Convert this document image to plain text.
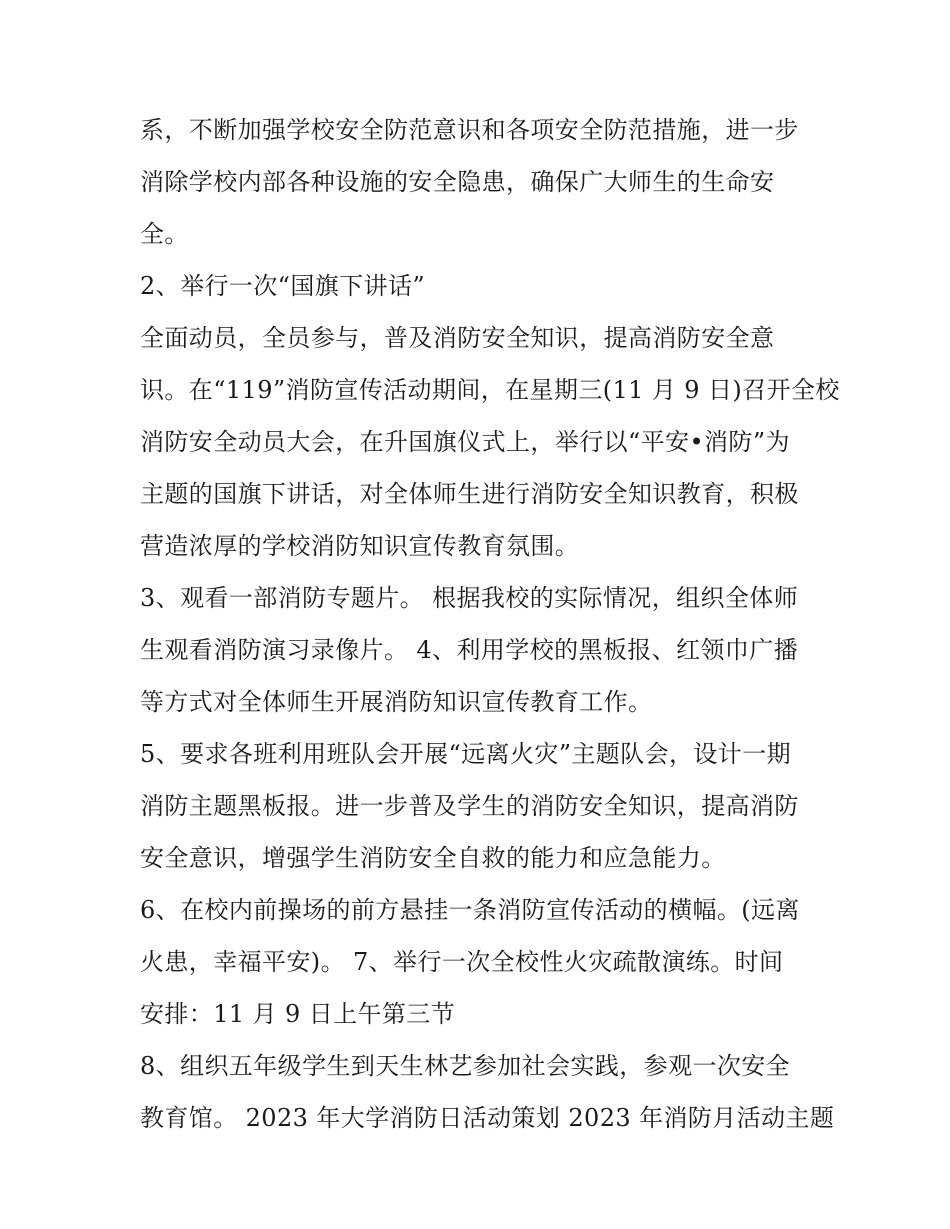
系，不断加强学校安全防范意识和各项安全防范措施，进一步
消除学校内部各种设施的安全隐患，确保广大师生的生命安
全。
2、举行一次“国旗下讲话”
全面动员，全员参与，普及消防安全知识，提高消防安全意
识。在“119”消防宣传活动期间，在星期三(11 月 9 日)召开全校
消防安全动员大会，在升国旗仪式上，举行以“平安•消防”为
主题的国旗下讲话，对全体师生进行消防安全知识教育，积极
营造浓厚的学校消防知识宣传教育氛围。
3、观看一部消防专题片。 根据我校的实际情况，组织全体师
生观看消防演习录像片。 4、利用学校的黑板报、红领巾广播
等方式对全体师生开展消防知识宣传教育工作。
5、要求各班利用班队会开展“远离火灾”主题队会，设计一期
消防主题黑板报。进一步普及学生的消防安全知识，提高消防
安全意识，增强学生消防安全自救的能力和应急能力。
6、在校内前操场的前方悬挂一条消防宣传活动的横幅。(远离
火患，幸福平安)。 7、举行一次全校性火灾疏散演练。时间
安排：11 月 9 日上午第三节
8、组织五年级学生到天生林艺参加社会实践，参观一次安全
教育馆。 2023 年大学消防日活动策划 2023 年消防月活动主题
